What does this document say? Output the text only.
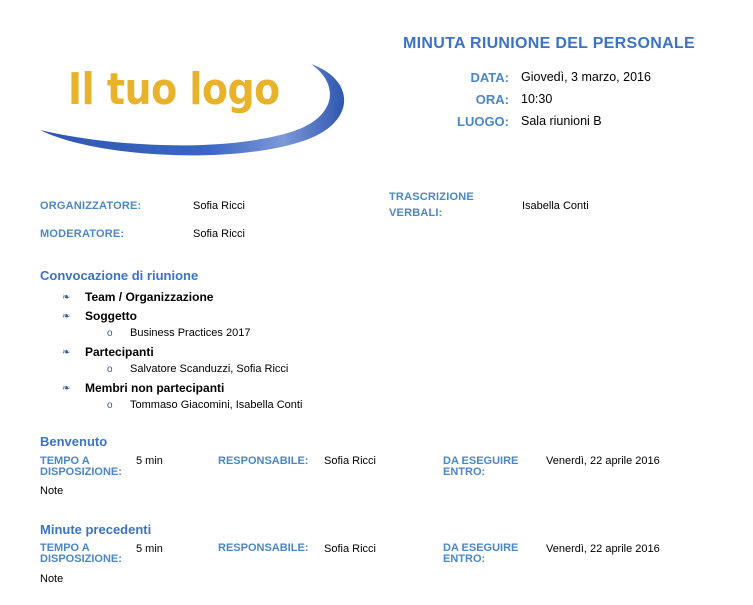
Il tuo logo
MINUTA RIUNIONE DEL PERSONALE
DATA: Giovedì, 3 marzo, 2016
ORA: 10:30
LUOGO: Sala riunioni B
ORGANIZZATORE:	Sofia Ricci
TRASCRIZIONE
VERBALI:
Isabella Conti
MODERATORE:	Sofia Ricci
Convocazione di riunione
❧ Team / Organizzazione
❧ Soggetto
o Business Practices 2017
❧ Partecipanti
o Salvatore Scanduzzi, Sofia Ricci
❧ Membri non partecipanti
o Tommaso Giacomini, Isabella Conti
Benvenuto
TEMPO A
DISPOSIZIONE:
5 min	RESPONSABILE: Sofia Ricci	DA ESEGUIRE
ENTRO:
Venerdì, 22 aprile 2016
Note
Minute precedenti
TEMPO A
DISPOSIZIONE:
5 min	RESPONSABILE: Sofia Ricci	DA ESEGUIRE
ENTRO:
Venerdì, 22 aprile 2016
Note
